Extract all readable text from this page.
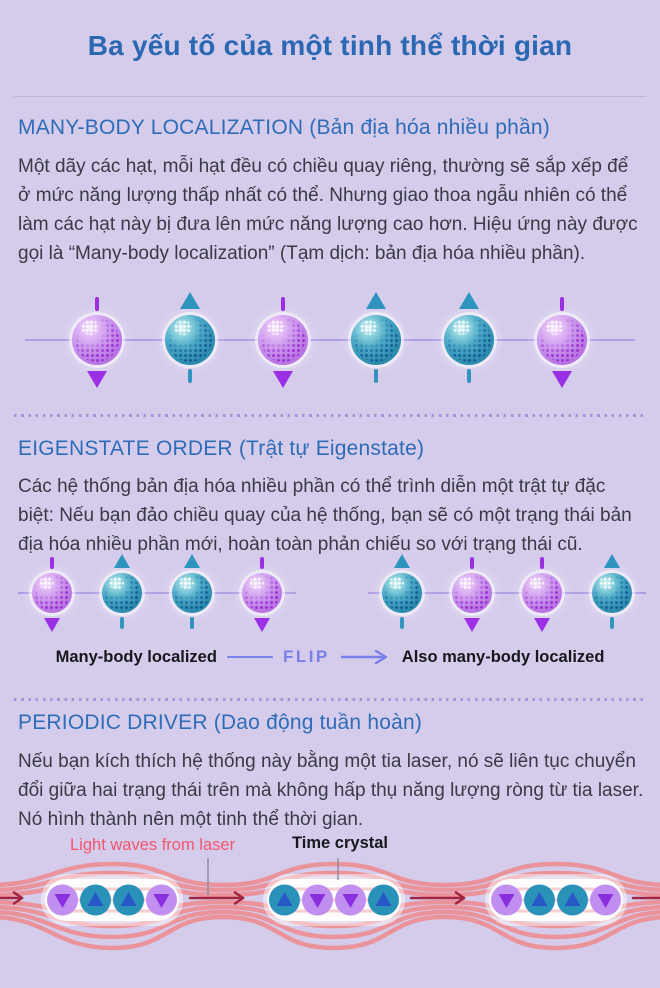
Ba yếu tố của một tinh thể thời gian
MANY-BODY LOCALIZATION (Bản địa hóa nhiều phần)
Một dãy các hạt, mỗi hạt đều có chiều quay riêng, thường sẽ sắp xếp để ở mức năng lượng thấp nhất có thể. Nhưng giao thoa ngẫu nhiên có thể làm các hạt này bị đưa lên mức năng lượng cao hơn. Hiệu ứng này được gọi là “Many-body localization” (Tạm dịch: bản địa hóa nhiều phần).
EIGENSTATE ORDER (Trật tự Eigenstate)
Các hệ thống bản địa hóa nhiều phần có thể trình diễn một trật tự đặc biệt: Nếu bạn đảo chiều quay của hệ thống, bạn sẽ có một trạng thái bản địa hóa nhiều phần mới, hoàn toàn phản chiếu so với trạng thái cũ.
Many-body localized	FLIP	Also many-body localized
PERIODIC DRIVER (Dao động tuần hoàn)
Nếu bạn kích thích hệ thống này bằng một tia laser, nó sẽ liên tục chuyển đổi giữa hai trạng thái trên mà không hấp thụ năng lượng ròng từ tia laser. Nó hình thành nên một tinh thể thời gian.
Light waves from laser	Time crystal
